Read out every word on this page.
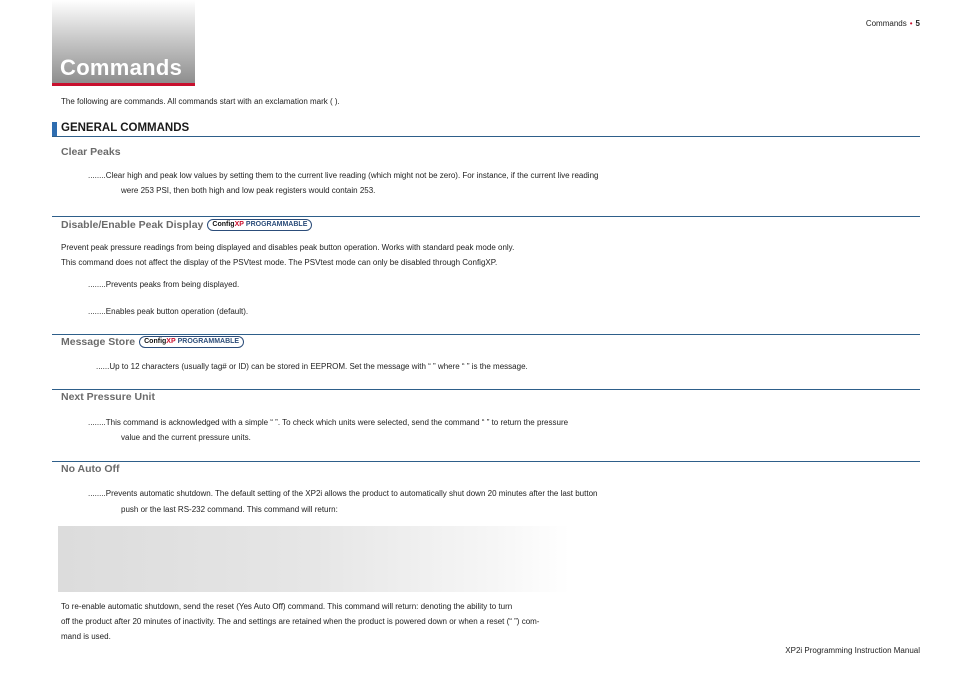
Commands
Commands • 5
The following are commands. All commands start with an exclamation mark ( ).
GENERAL COMMANDS
Clear Peaks
........Clear high and peak low values by setting them to the current live reading (which might not be zero). For instance, if the current live reading
were 253 PSI, then both high and low peak registers would contain 253.
Disable/Enable Peak Display ConfigXP PROGRAMMABLE
Prevent peak pressure readings from being displayed and disables peak button operation. Works with standard peak mode only.
This command does not affect the display of the PSVtest mode. The PSVtest mode can only be disabled through ConfigXP.
........Prevents peaks from being displayed.
........Enables peak button operation (default).
Message Store ConfigXP PROGRAMMABLE
......Up to 12 characters (usually tag# or ID) can be stored in EEPROM. Set the message with “ ” where “ ” is the message.
Next Pressure Unit
........This command is acknowledged with a simple “ ”. To check which units were selected, send the command “ ” to return the pressure
value and the current pressure units.
No Auto Off
........Prevents automatic shutdown. The default setting of the XP2i allows the product to automatically shut down 20 minutes after the last button
push or the last RS-232 command. This command will return:
To re-enable automatic shutdown, send the reset (Yes Auto Off) command. This command will return: denoting the ability to turn
off the product after 20 minutes of inactivity. The and settings are retained when the product is powered down or when a reset (“ ”) com-
mand is used.
XP2i Programming Instruction Manual
